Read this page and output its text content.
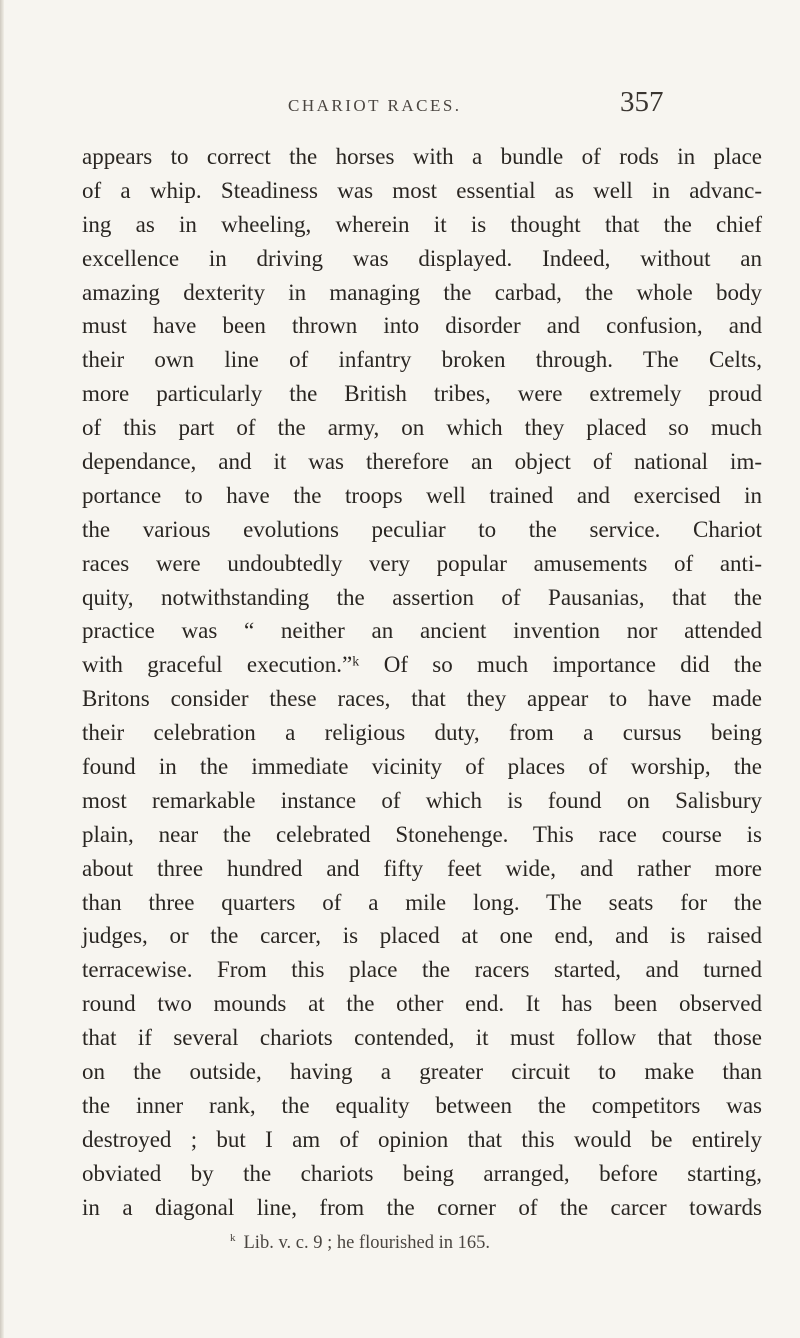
CHARIOT RACES.	357
appears to correct the horses with a bundle of rods in place
of a whip. Steadiness was most essential as well in advanc-
ing as in wheeling, wherein it is thought that the chief
excellence in driving was displayed. Indeed, without an
amazing dexterity in managing the carbad, the whole body
must have been thrown into disorder and confusion, and
their own line of infantry broken through. The Celts,
more particularly the British tribes, were extremely proud
of this part of the army, on which they placed so much
dependance, and it was therefore an object of national im-
portance to have the troops well trained and exercised in
the various evolutions peculiar to the service. Chariot
races were undoubtedly very popular amusements of anti-
quity, notwithstanding the assertion of Pausanias, that the
practice was “ neither an ancient invention nor attended
with graceful execution.”ᵏ Of so much importance did the
Britons consider these races, that they appear to have made
their celebration a religious duty, from a cursus being
found in the immediate vicinity of places of worship, the
most remarkable instance of which is found on Salisbury
plain, near the celebrated Stonehenge. This race course is
about three hundred and fifty feet wide, and rather more
than three quarters of a mile long. The seats for the
judges, or the carcer, is placed at one end, and is raised
terracewise. From this place the racers started, and turned
round two mounds at the other end. It has been observed
that if several chariots contended, it must follow that those
on the outside, having a greater circuit to make than
the inner rank, the equality between the competitors was
destroyed ; but I am of opinion that this would be entirely
obviated by the chariots being arranged, before starting,
in a diagonal line, from the corner of the carcer towards
$^k$ Lib. v. c. 9 ; he flourished in 165.
